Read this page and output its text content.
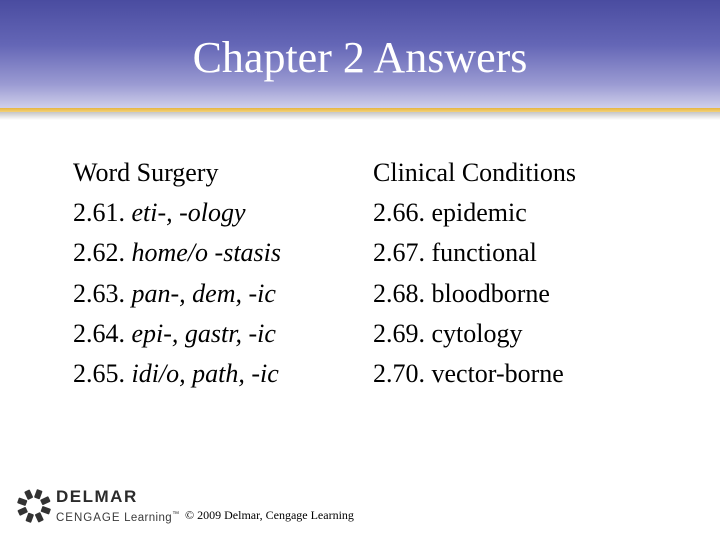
Chapter 2 Answers
Word Surgery
2.61. eti-, -ology
2.62. home/o -stasis
2.63. pan-, dem, -ic
2.64. epi-, gastr, -ic
2.65. idi/o, path, -ic
Clinical Conditions
2.66. epidemic
2.67. functional
2.68. bloodborne
2.69. cytology
2.70. vector-borne
DELMAR
CENGAGE Learning™ © 2009 Delmar, Cengage Learning
